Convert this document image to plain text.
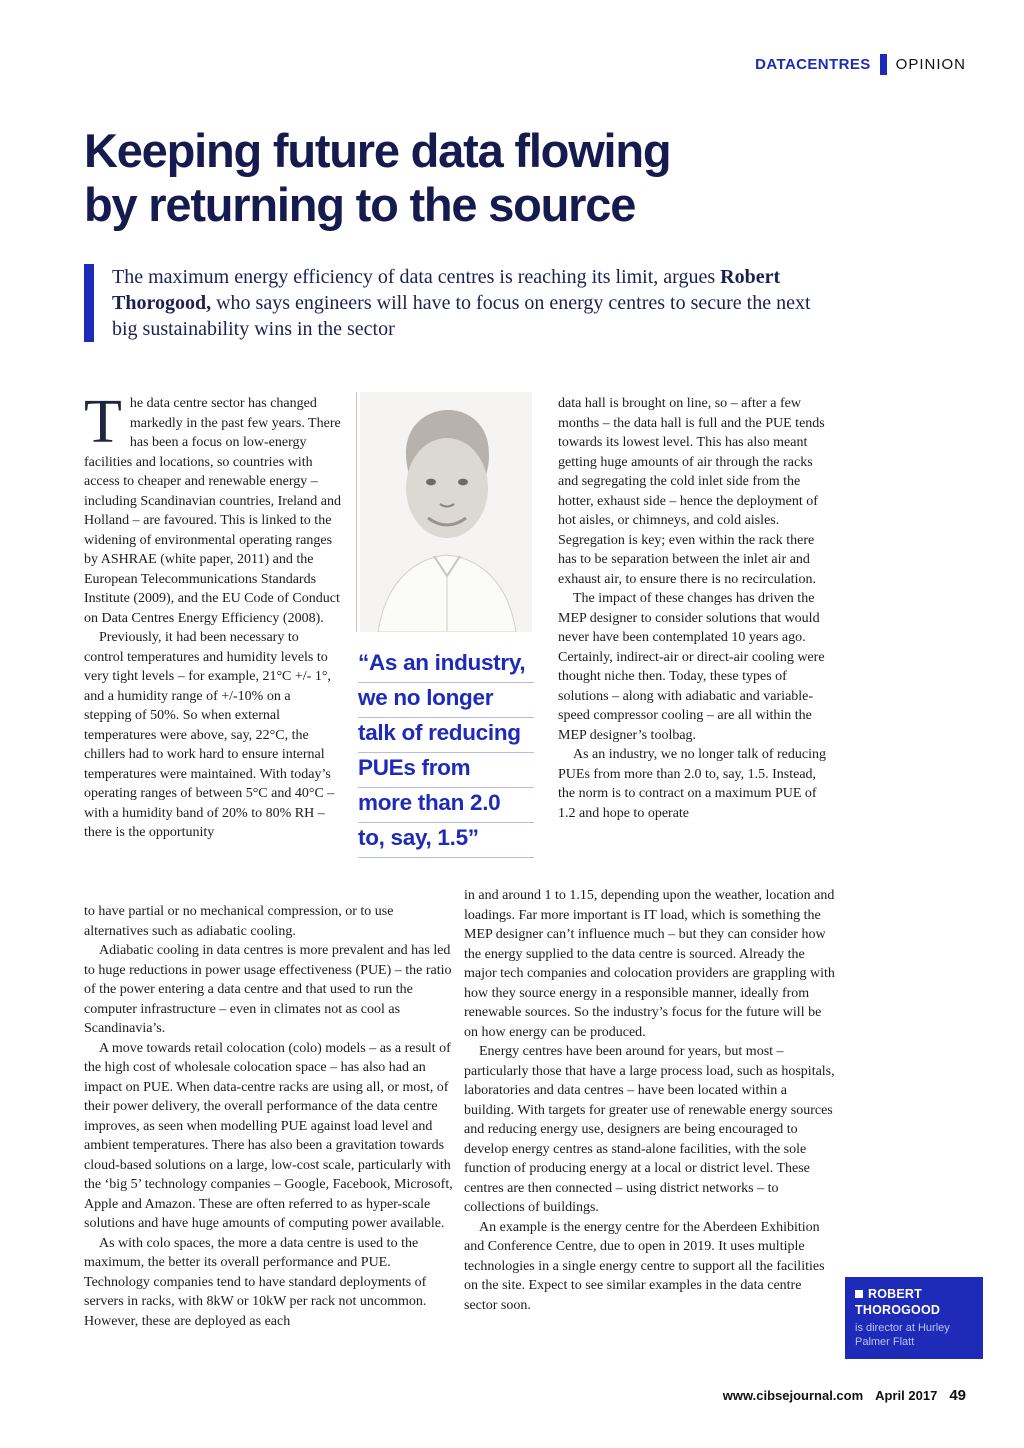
DATACENTRES OPINION
Keeping future data flowing
by returning to the source
The maximum energy efficiency of data centres is reaching its limit, argues Robert Thorogood, who says engineers will have to focus on energy centres to secure the next big sustainability wins in the sector

The data centre sector has changed markedly in the past few years. There has been a focus on low-energy facilities and locations, so countries with access to cheaper and renewable energy – including Scandinavian countries, Ireland and Holland – are favoured. This is linked to the widening of environmental operating ranges by ASHRAE (white paper, 2011) and the European Telecommunications Standards Institute (2009), and the EU Code of Conduct on Data Centres Energy Efficiency (2008).

Previously, it had been necessary to control temperatures and humidity levels to very tight levels – for example, 21°C +/- 1°, and a humidity range of +/-10% on a stepping of 50%. So when external temperatures were above, say, 22°C, the chillers had to work hard to ensure internal temperatures were maintained. With today’s operating ranges of between 5°C and 40°C – with a humidity band of 20% to 80% RH –there is the opportunity

“As an industry,
we no longer
talk of reducing
PUEs from
more than 2.0
to, say, 1.5”

data hall is brought on line, so – after a few months – the data hall is full and the PUE tends towards its lowest level. This has also meant getting huge amounts of air through the racks and segregating the cold inlet side from the hotter, exhaust side – hence the deployment of hot aisles, or chimneys, and cold aisles. Segregation is key; even within the rack there has to be separation between the inlet air and exhaust air, to ensure there is no recirculation.

The impact of these changes has driven the MEP designer to consider solutions that would never have been contemplated 10 years ago. Certainly, indirect-air or direct-air cooling were thought niche then. Today, these types of solutions – along with adiabatic and variable-speed compressor cooling – are all within the MEP designer’s toolbag.

As an industry, we no longer talk of reducing PUEs from more than 2.0 to, say, 1.5. Instead, the norm is to contract on a maximum PUE of 1.2 and hope to operate

to have partial or no mechanical compression, or to use alternatives such as adiabatic cooling.

Adiabatic cooling in data centres is more prevalent and has led to huge reductions in power usage effectiveness (PUE) – the ratio of the power entering a data centre and that used to run the computer infrastructure – even in climates not as cool as Scandinavia’s.

A move towards retail colocation (colo) models – as a result of the high cost of wholesale colocation space – has also had an impact on PUE. When data-centre racks are using all, or most, of their power delivery, the overall performance of the data centre improves, as seen when modelling PUE against load level and ambient temperatures. There has also been a gravitation towards cloud-based solutions on a large, low-cost scale, particularly with the ‘big 5’ technology companies – Google, Facebook, Microsoft, Apple and Amazon. These are often referred to as hyper-scale solutions and have huge amounts of computing power available.

As with colo spaces, the more a data centre is used to the maximum, the better its overall performance and PUE. Technology companies tend to have standard deployments of servers in racks, with 8kW or 10kW per rack not uncommon. However, these are deployed as each

in and around 1 to 1.15, depending upon the weather, location and loadings. Far more important is IT load, which is something the MEP designer can’t influence much – but they can consider how the energy supplied to the data centre is sourced. Already the major tech companies and colocation providers are grappling with how they source energy in a responsible manner, ideally from renewable sources. So the industry’s focus for the future will be on how energy can be produced.

Energy centres have been around for years, but most – particularly those that have a large process load, such as hospitals, laboratories and data centres – have been located within a building. With targets for greater use of renewable energy sources and reducing energy use, designers are being encouraged to develop energy centres as stand-alone facilities, with the sole function of producing energy at a local or district level. These centres are then connected – using district networks – to collections of buildings.

An example is the energy centre for the Aberdeen Exhibition and Conference Centre, due to open in 2019. It uses multiple technologies in a single energy centre to support all the facilities on the site. Expect to see similar examples in the data centre sector soon.

ROBERT THOROGOOD
is director at Hurley Palmer Flatt
www.cibsejournal.com April 2017 49
